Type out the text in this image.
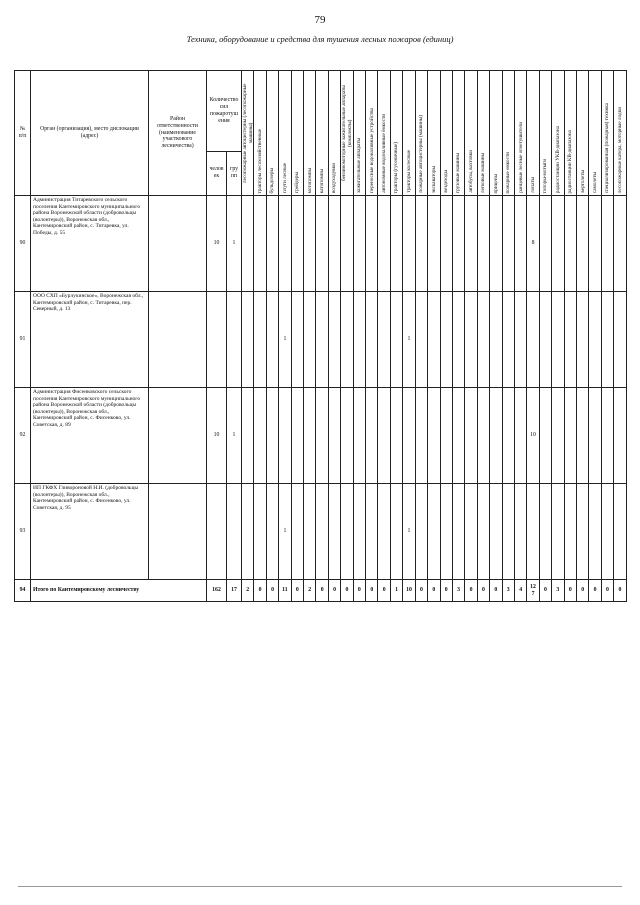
79
Техника, оборудование и средства для тушения лесных пожаров (единиц)
№ п/п	Орган (организация), место дислокации (адрес)	Район ответственности (наименование участкового лесничества)	Количество сил пожаротушения		лесопожарные автоцистерны (лесопожарные машины)	тракторы лесохозяйственные	бульдозеры	плуги лесные	грейдеры	мотопомпы	катопомпы	воздуходувки	бензиномоторные зажигательные аппараты (комплекты)	зажигательные аппараты	переносные водоналивные устройства	автономные водоналивные ёмкости	тракторы (гусеничные)	тракторы колесные	пожарные автоцистерны (машины)	экскаваторы	вездеходы	грузовые машины	автобусы, вахтовки	легковые машины	прицепы	пожарные емкости	ранцевые лесные огнетушители	лопаты	топоры-мотыги	радиостанции УКВ-диапазона	радиостанции КВ-диапазона	вертолеты	самолеты	специализированная (пожарная) техника	лесопожарные катера, моторные лодки

			человек	групп																															
90	Администрация Титаревского сельского поселения Кантемировского муниципального района Воронежской области (добровольцы (волонтеры)), Воронежская обл., Кантемировский район, с. Титаревка, ул. Победы, д. 55		10	1																								8							
91	ООО СХП «Бурлукинское», Воронежская обл., Кантемировский район, с. Титаревка, пер. Северный, д. 13							1										1																	
92	Администрация Фисенковского сельского поселения Кантемировского муниципального района Воронежской области (добровольцы (волонтеры)), Воронежская обл., Кантемировский район, с. Фисенково, ул. Советская, д. 89		10	1																								10							
93	ИП ГКФХ Гливороновой Н.И. (добровольцы (волонтеры)), Воронежская обл., Кантемировский район, с. Фисенково, ул. Советская, д. 95							1										1																	
94	Итого по Кантемировскому лесничеству		162	17	2	0	0	11	0	2	0	0	0	0	0	0	1	10	0	0	0	3	0	0	0	3	4	127	0	3	0	0	0	0	0
